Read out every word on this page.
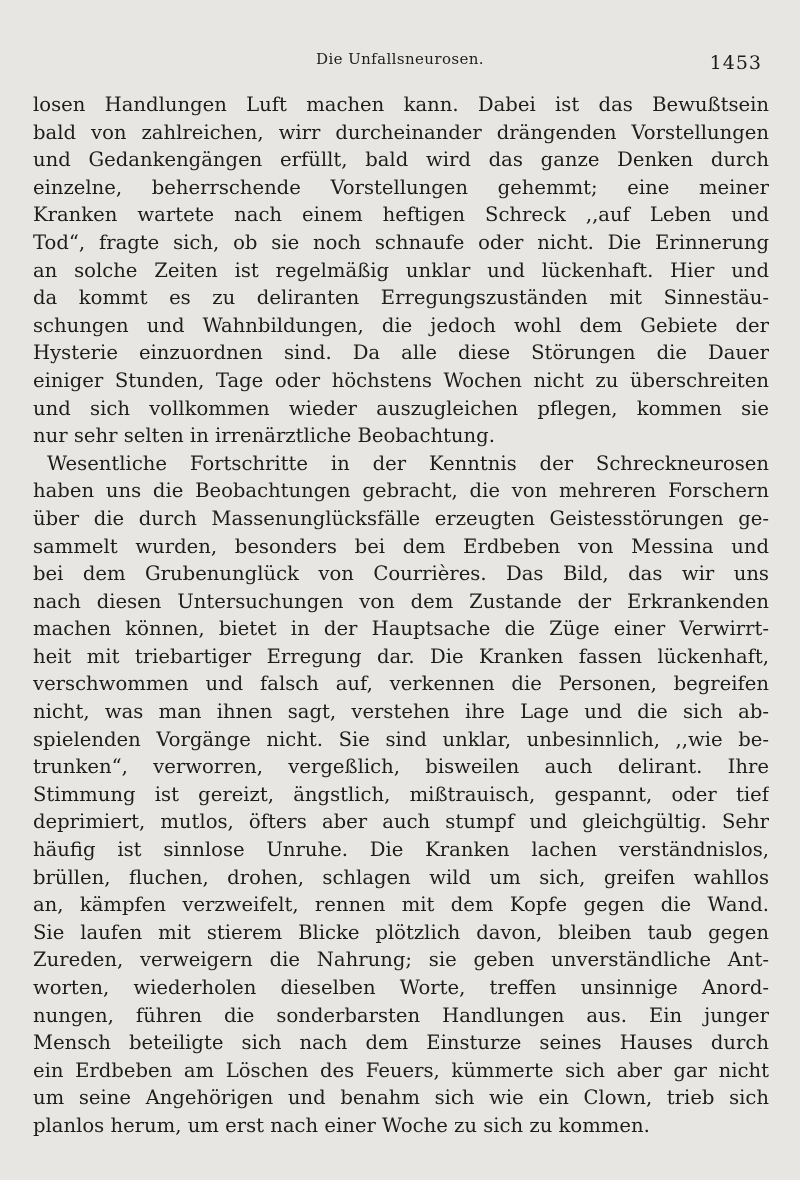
Die Unfallsneurosen.	1453
losen Handlungen Luft machen kann. Dabei ist das Bewußtsein
bald von zahlreichen, wirr durcheinander drängenden Vorstellungen
und Gedankengängen erfüllt, bald wird das ganze Denken durch
einzelne, beherrschende Vorstellungen gehemmt; eine meiner
Kranken wartete nach einem heftigen Schreck ,,auf Leben und
Tod“, fragte sich, ob sie noch schnaufe oder nicht. Die Erinnerung
an solche Zeiten ist regelmäßig unklar und lückenhaft. Hier und
da kommt es zu deliranten Erregungszuständen mit Sinnestäu-
schungen und Wahnbildungen, die jedoch wohl dem Gebiete der
Hysterie einzuordnen sind. Da alle diese Störungen die Dauer
einiger Stunden, Tage oder höchstens Wochen nicht zu überschreiten
und sich vollkommen wieder auszugleichen pflegen, kommen sie
nur sehr selten in irrenärztliche Beobachtung.
Wesentliche Fortschritte in der Kenntnis der Schreckneurosen
haben uns die Beobachtungen gebracht, die von mehreren Forschern
über die durch Massenunglücksfälle erzeugten Geistesstörungen ge-
sammelt wurden, besonders bei dem Erdbeben von Messina und
bei dem Grubenunglück von Courrières. Das Bild, das wir uns
nach diesen Untersuchungen von dem Zustande der Erkrankenden
machen können, bietet in der Hauptsache die Züge einer Verwirrt-
heit mit triebartiger Erregung dar. Die Kranken fassen lückenhaft,
verschwommen und falsch auf, verkennen die Personen, begreifen
nicht, was man ihnen sagt, verstehen ihre Lage und die sich ab-
spielenden Vorgänge nicht. Sie sind unklar, unbesinnlich, ,,wie be-
trunken“, verworren, vergeßlich, bisweilen auch delirant. Ihre
Stimmung ist gereizt, ängstlich, mißtrauisch, gespannt, oder tief
deprimiert, mutlos, öfters aber auch stumpf und gleichgültig. Sehr
häufig ist sinnlose Unruhe. Die Kranken lachen verständnislos,
brüllen, fluchen, drohen, schlagen wild um sich, greifen wahllos
an, kämpfen verzweifelt, rennen mit dem Kopfe gegen die Wand.
Sie laufen mit stierem Blicke plötzlich davon, bleiben taub gegen
Zureden, verweigern die Nahrung; sie geben unverständliche Ant-
worten, wiederholen dieselben Worte, treffen unsinnige Anord-
nungen, führen die sonderbarsten Handlungen aus. Ein junger
Mensch beteiligte sich nach dem Einsturze seines Hauses durch
ein Erdbeben am Löschen des Feuers, kümmerte sich aber gar nicht
um seine Angehörigen und benahm sich wie ein Clown, trieb sich
planlos herum, um erst nach einer Woche zu sich zu kommen.
